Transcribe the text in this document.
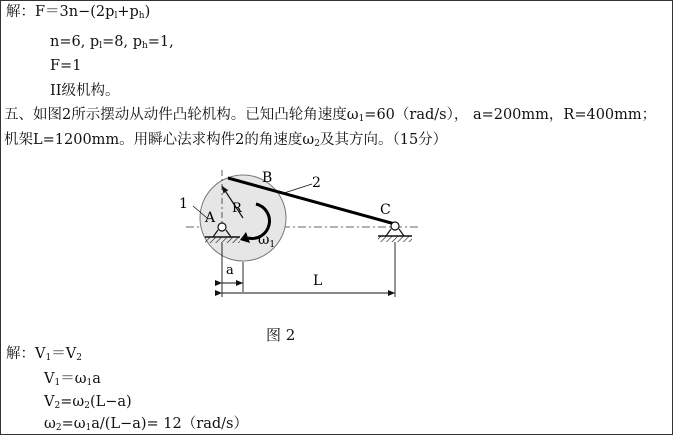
解：$F=3n-(2p_l+p_h)$
n=6, $p_l=8$, $p_h=1$,
F=1
II级机构。
五、如图2所示摆动从动件凸轮机构。已知凸轮角速度$\omega_1=60(rad/s)$， a=200mm，R=400mm；
机架L=1200mm。用瞬心法求构件2的角速度$\omega_2$及其方向。（15分）
1
A
R
B	2
C
$\omega_1$
a
L
图 2
解：$V_1=V_2$
$V_1=\omega_1a$
$V_2=\omega_2(L-a)$
$\omega_2=\omega_1a/(L-a)= 12(rad/s)$
